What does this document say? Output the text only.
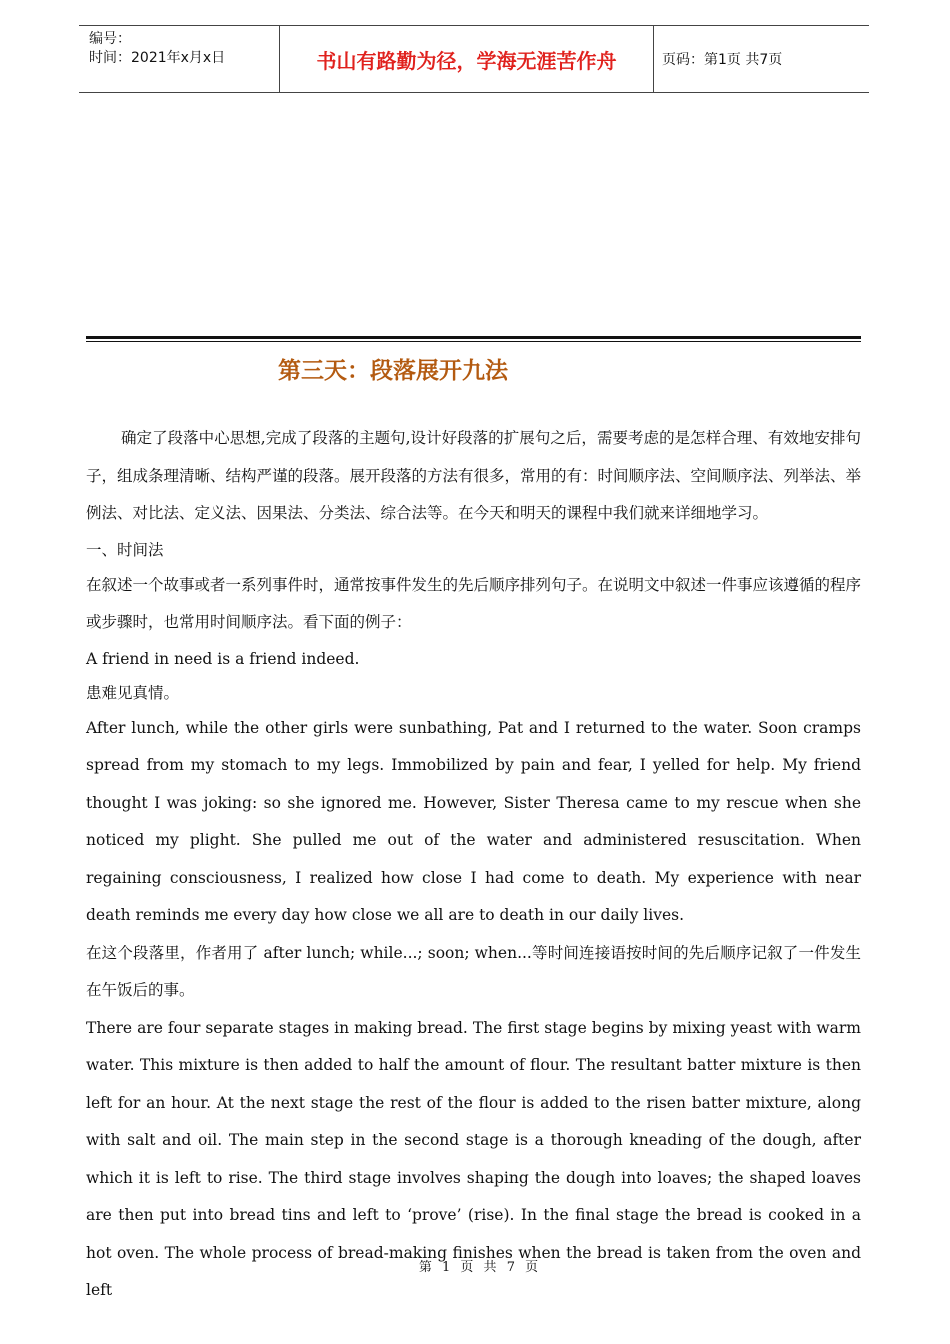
编号：
时间：2021年x月x日	书山有路勤为径，学海无涯苦作舟	页码：第1页 共7页
第三天：段落展开九法

确定了段落中心思想,完成了段落的主题句,设计好段落的扩展句之后，需要考虑的是怎样合理、有效地安排句子，组成条理清晰、结构严谨的段落。展开段落的方法有很多，常用的有：时间顺序法、空间顺序法、列举法、举例法、对比法、定义法、因果法、分类法、综合法等。在今天和明天的课程中我们就来详细地学习。

一、时间法

在叙述一个故事或者一系列事件时，通常按事件发生的先后顺序排列句子。在说明文中叙述一件事应该遵循的程序或步骤时，也常用时间顺序法。看下面的例子：

A friend in need is a friend indeed.

患难见真情。

After lunch, while the other girls were sunbathing, Pat and I returned to the water. Soon cramps spread from my stomach to my legs. Immobilized by pain and fear, I yelled for help. My friend thought I was joking: so she ignored me. However, Sister Theresa came to my rescue when she noticed my plight. She pulled me out of the water and administered resuscitation. When regaining consciousness, I realized how close I had come to death. My experience with near death reminds me every day how close we all are to death in our daily lives.

在这个段落里，作者用了 after lunch; while...; soon; when...等时间连接语按时间的先后顺序记叙了一件发生在午饭后的事。

There are four separate stages in making bread. The first stage begins by mixing yeast with warm water. This mixture is then added to half the amount of flour. The resultant batter mixture is then left for an hour. At the next stage the rest of the flour is added to the risen batter mixture, along with salt and oil. The main step in the second stage is a thorough kneading of the dough, after which it is left to rise. The third stage involves shaping the dough into loaves; the shaped loaves are then put into bread tins and left to ‘prove’ (rise). In the final stage the bread is cooked in a hot oven. The whole process of bread‐making finishes when the bread is taken from the oven and left

第 1 页 共 7 页
